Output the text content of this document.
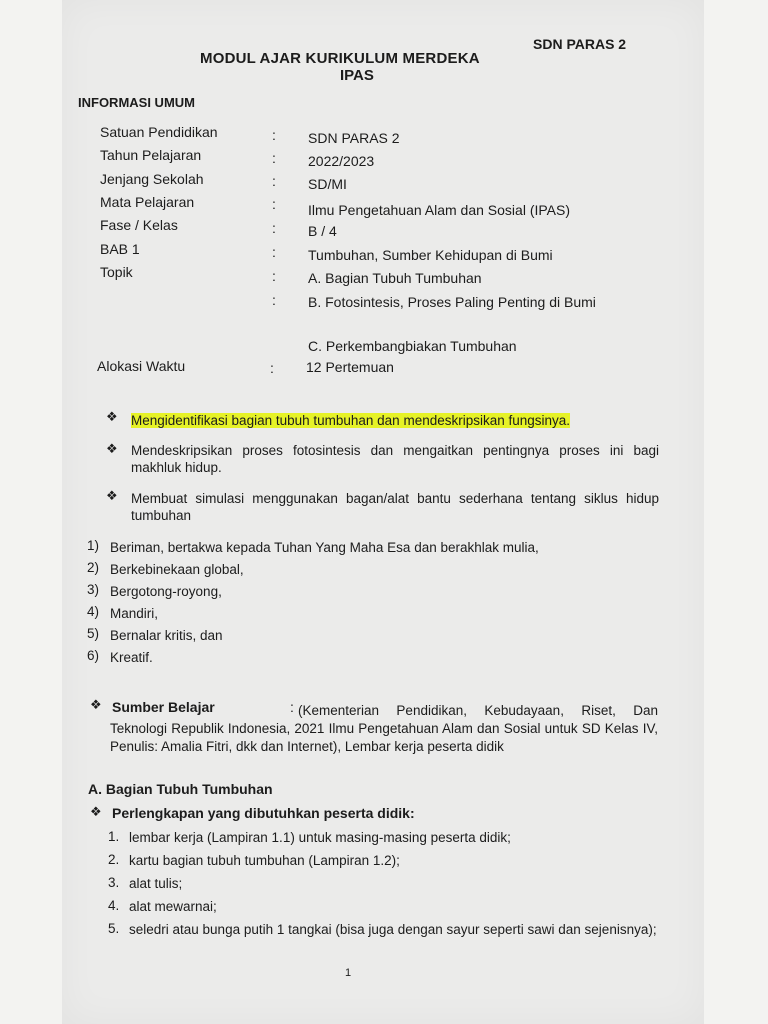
SDN PARAS 2
MODUL AJAR KURIKULUM MERDEKA
IPAS
INFORMASI UMUM
Satuan Pendidikan	: SDN PARAS 2
Tahun Pelajaran	: 2022/2023
Jenjang Sekolah	: SD/MI
Mata Pelajaran	: Ilmu Pengetahuan Alam dan Sosial (IPAS)
Fase / Kelas	: B / 4
BAB 1	: Tumbuhan, Sumber Kehidupan di Bumi
Topik	: A. Bagian Tubuh Tumbuhan
: B. Fotosintesis, Proses Paling Penting di Bumi
C. Perkembangbiakan Tumbuhan
Alokasi Waktu	: 12 Pertemuan
❖ Mengidentifikasi bagian tubuh tumbuhan dan mendeskripsikan fungsinya.
❖ Mendeskripsikan proses fotosintesis dan mengaitkan pentingnya proses ini bagi makhluk hidup.
❖ Membuat simulasi menggunakan bagan/alat bantu sederhana tentang siklus hidup tumbuhan
1) Beriman, bertakwa kepada Tuhan Yang Maha Esa dan berakhlak mulia,
2) Berkebinekaan global,
3) Bergotong-royong,
4) Mandiri,
5) Bernalar kritis, dan
6) Kreatif.
❖ Sumber Belajar	: (Kementerian Pendidikan, Kebudayaan, Riset, Dan Teknologi Republik Indonesia, 2021 Ilmu Pengetahuan Alam dan Sosial untuk SD Kelas IV, Penulis: Amalia Fitri, dkk dan Internet), Lembar kerja peserta didik
A. Bagian Tubuh Tumbuhan
❖ Perlengkapan yang dibutuhkan peserta didik:
1. lembar kerja (Lampiran 1.1) untuk masing-masing peserta didik;
2. kartu bagian tubuh tumbuhan (Lampiran 1.2);
3. alat tulis;
4. alat mewarnai;
5. seledri atau bunga putih 1 tangkai (bisa juga dengan sayur seperti sawi dan sejenisnya);
1
